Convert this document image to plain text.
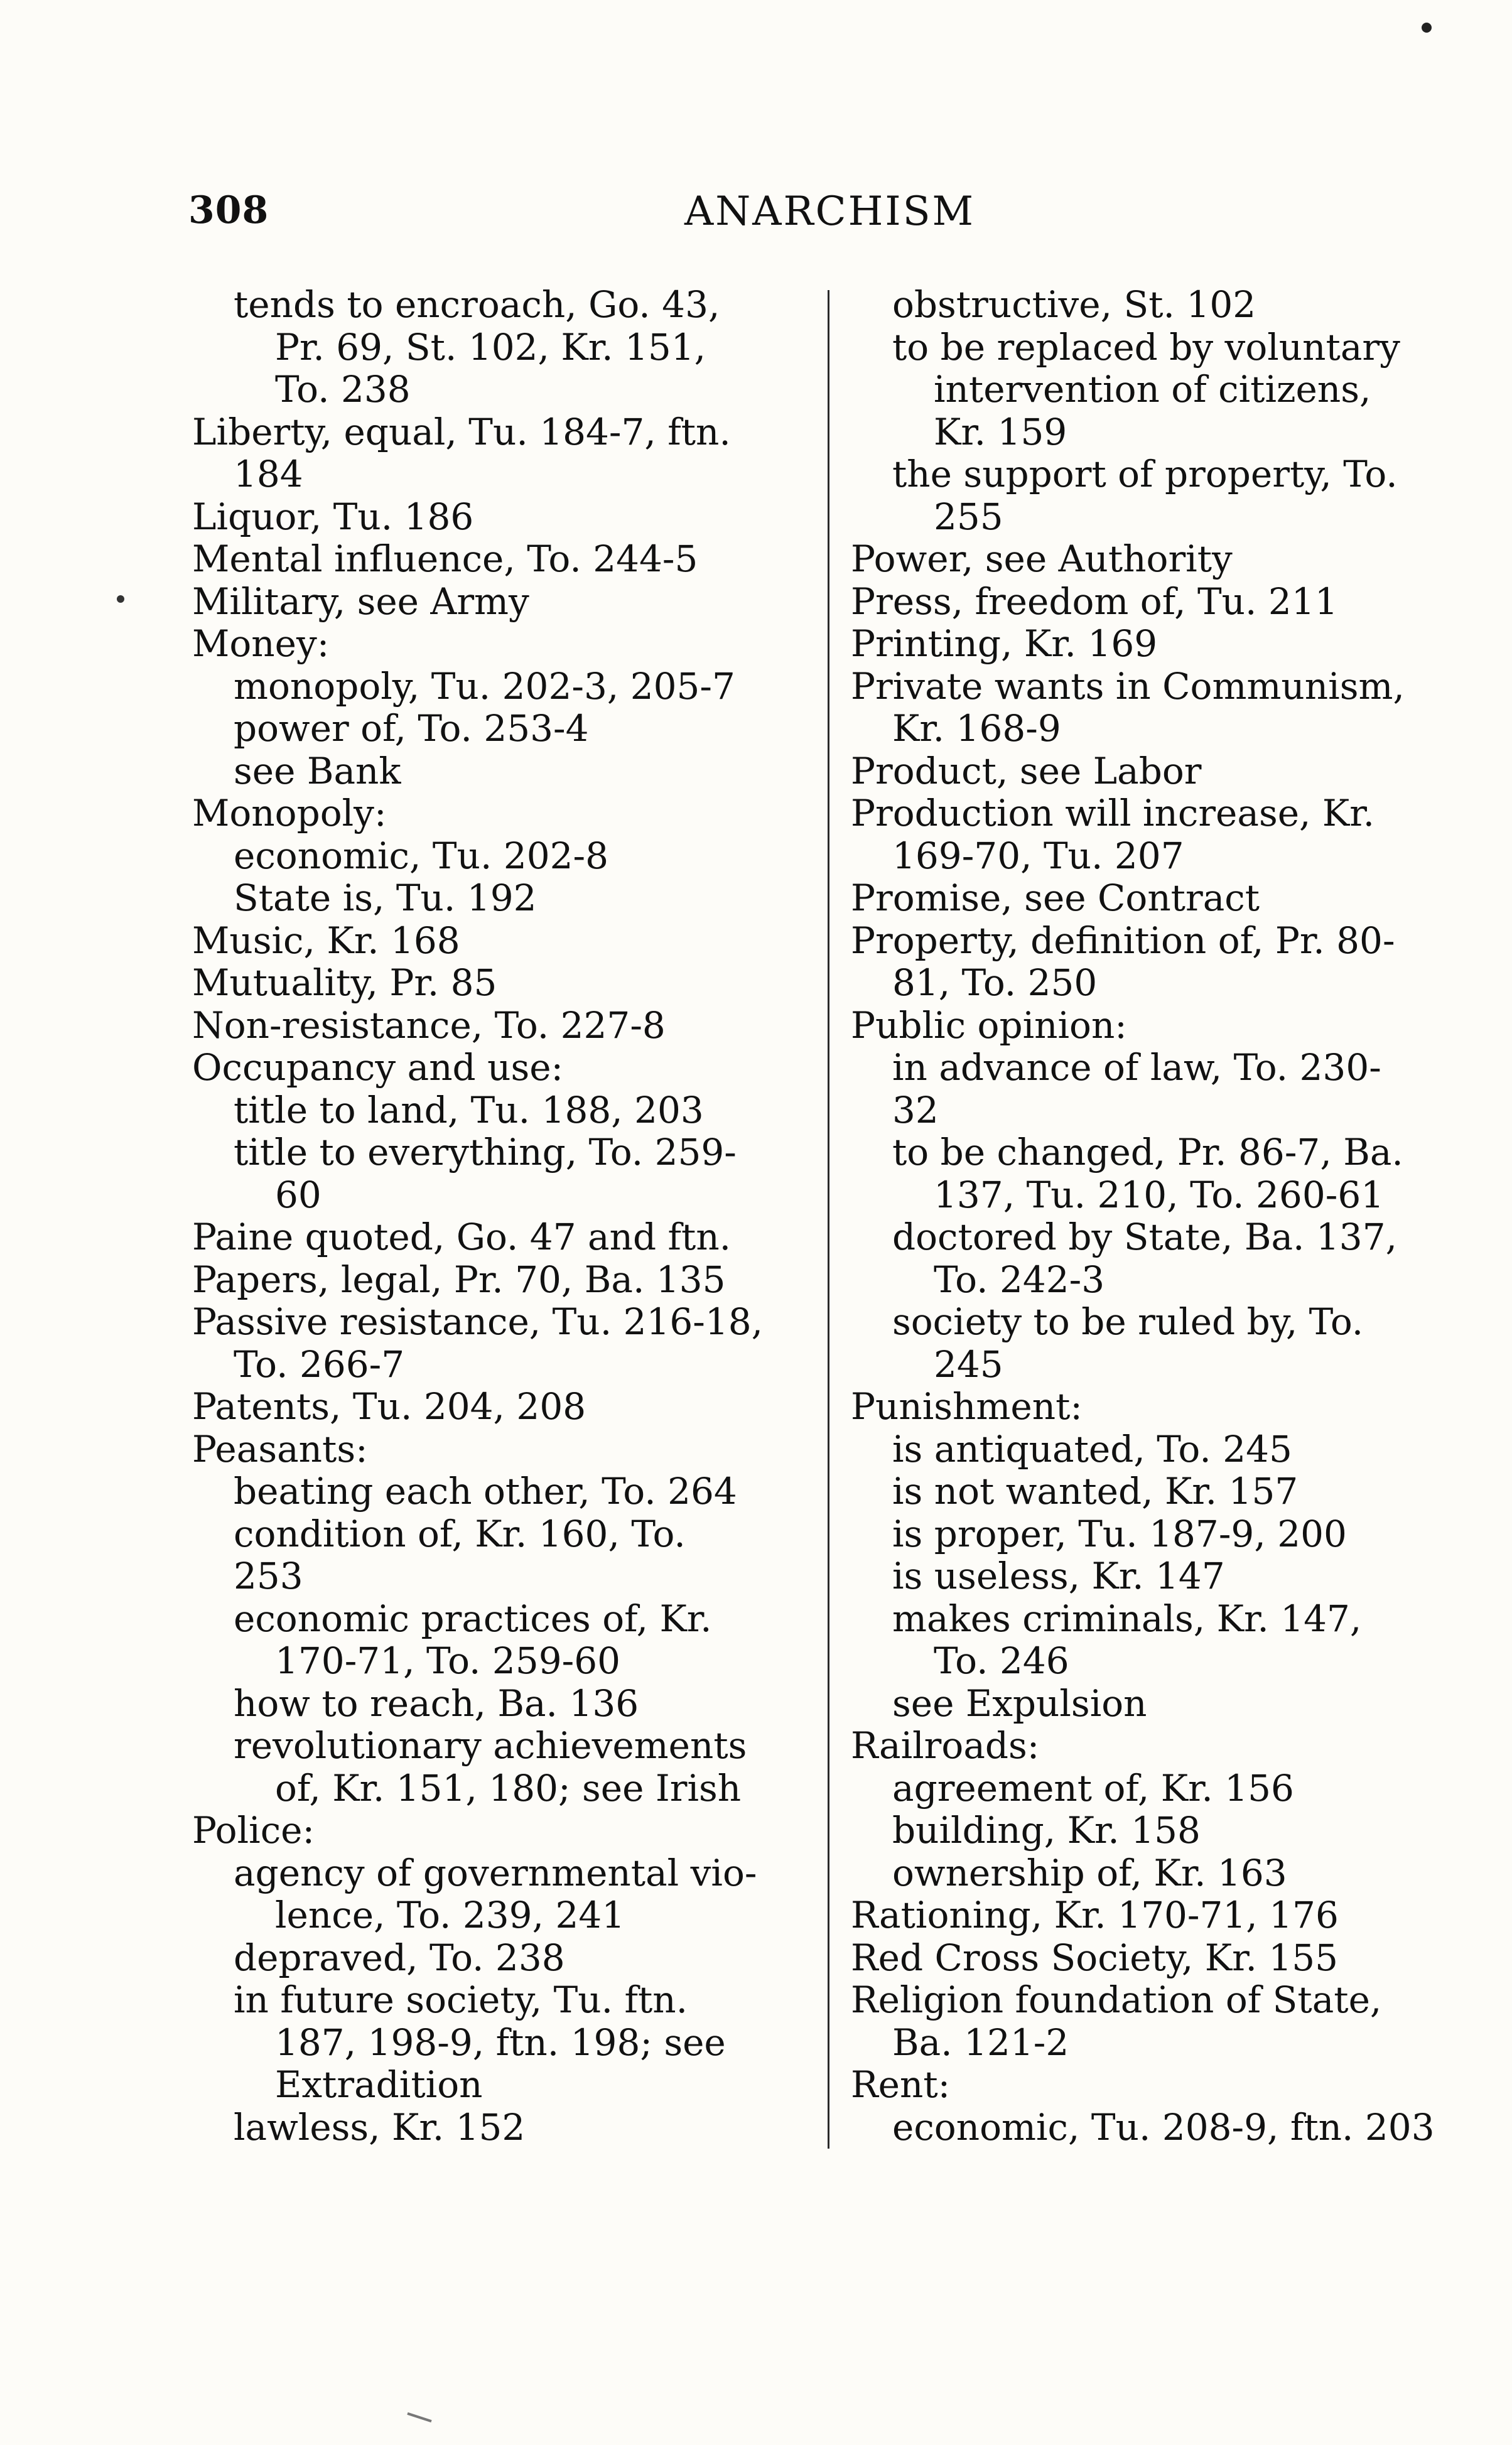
308	ANARCHISM
tends to encroach, Go. 43,
Pr. 69, St. 102, Kr. 151,
To. 238
Liberty, equal, Tu. 184-7, ftn.
184
Liquor, Tu. 186
Mental influence, To. 244-5
Military, see Army
Money:
monopoly, Tu. 202-3, 205-7
power of, To. 253-4
see Bank
Monopoly:
economic, Tu. 202-8
State is, Tu. 192
Music, Kr. 168
Mutuality, Pr. 85
Non-resistance, To. 227-8
Occupancy and use:
title to land, Tu. 188, 203
title to everything, To. 259-
60
Paine quoted, Go. 47 and ftn.
Papers, legal, Pr. 70, Ba. 135
Passive resistance, Tu. 216-18,
To. 266-7
Patents, Tu. 204, 208
Peasants:
beating each other, To. 264
condition of, Kr. 160, To.
253
economic practices of, Kr.
170-71, To. 259-60
how to reach, Ba. 136
revolutionary achievements
of, Kr. 151, 180; see Irish
Police:
agency of governmental vio-
lence, To. 239, 241
depraved, To. 238
in future society, Tu. ftn.
187, 198-9, ftn. 198; see
Extradition
lawless, Kr. 152
obstructive, St. 102
to be replaced by voluntary
intervention of citizens,
Kr. 159
the support of property, To.
255
Power, see Authority
Press, freedom of, Tu. 211
Printing, Kr. 169
Private wants in Communism,
Kr. 168-9
Product, see Labor
Production will increase, Kr.
169-70, Tu. 207
Promise, see Contract
Property, definition of, Pr. 80-
81, To. 250
Public opinion:
in advance of law, To. 230-
32
to be changed, Pr. 86-7, Ba.
137, Tu. 210, To. 260-61
doctored by State, Ba. 137,
To. 242-3
society to be ruled by, To.
245
Punishment:
is antiquated, To. 245
is not wanted, Kr. 157
is proper, Tu. 187-9, 200
is useless, Kr. 147
makes criminals, Kr. 147,
To. 246
see Expulsion
Railroads:
agreement of, Kr. 156
building, Kr. 158
ownership of, Kr. 163
Rationing, Kr. 170-71, 176
Red Cross Society, Kr. 155
Religion foundation of State,
Ba. 121-2
Rent:
economic, Tu. 208-9, ftn. 203
